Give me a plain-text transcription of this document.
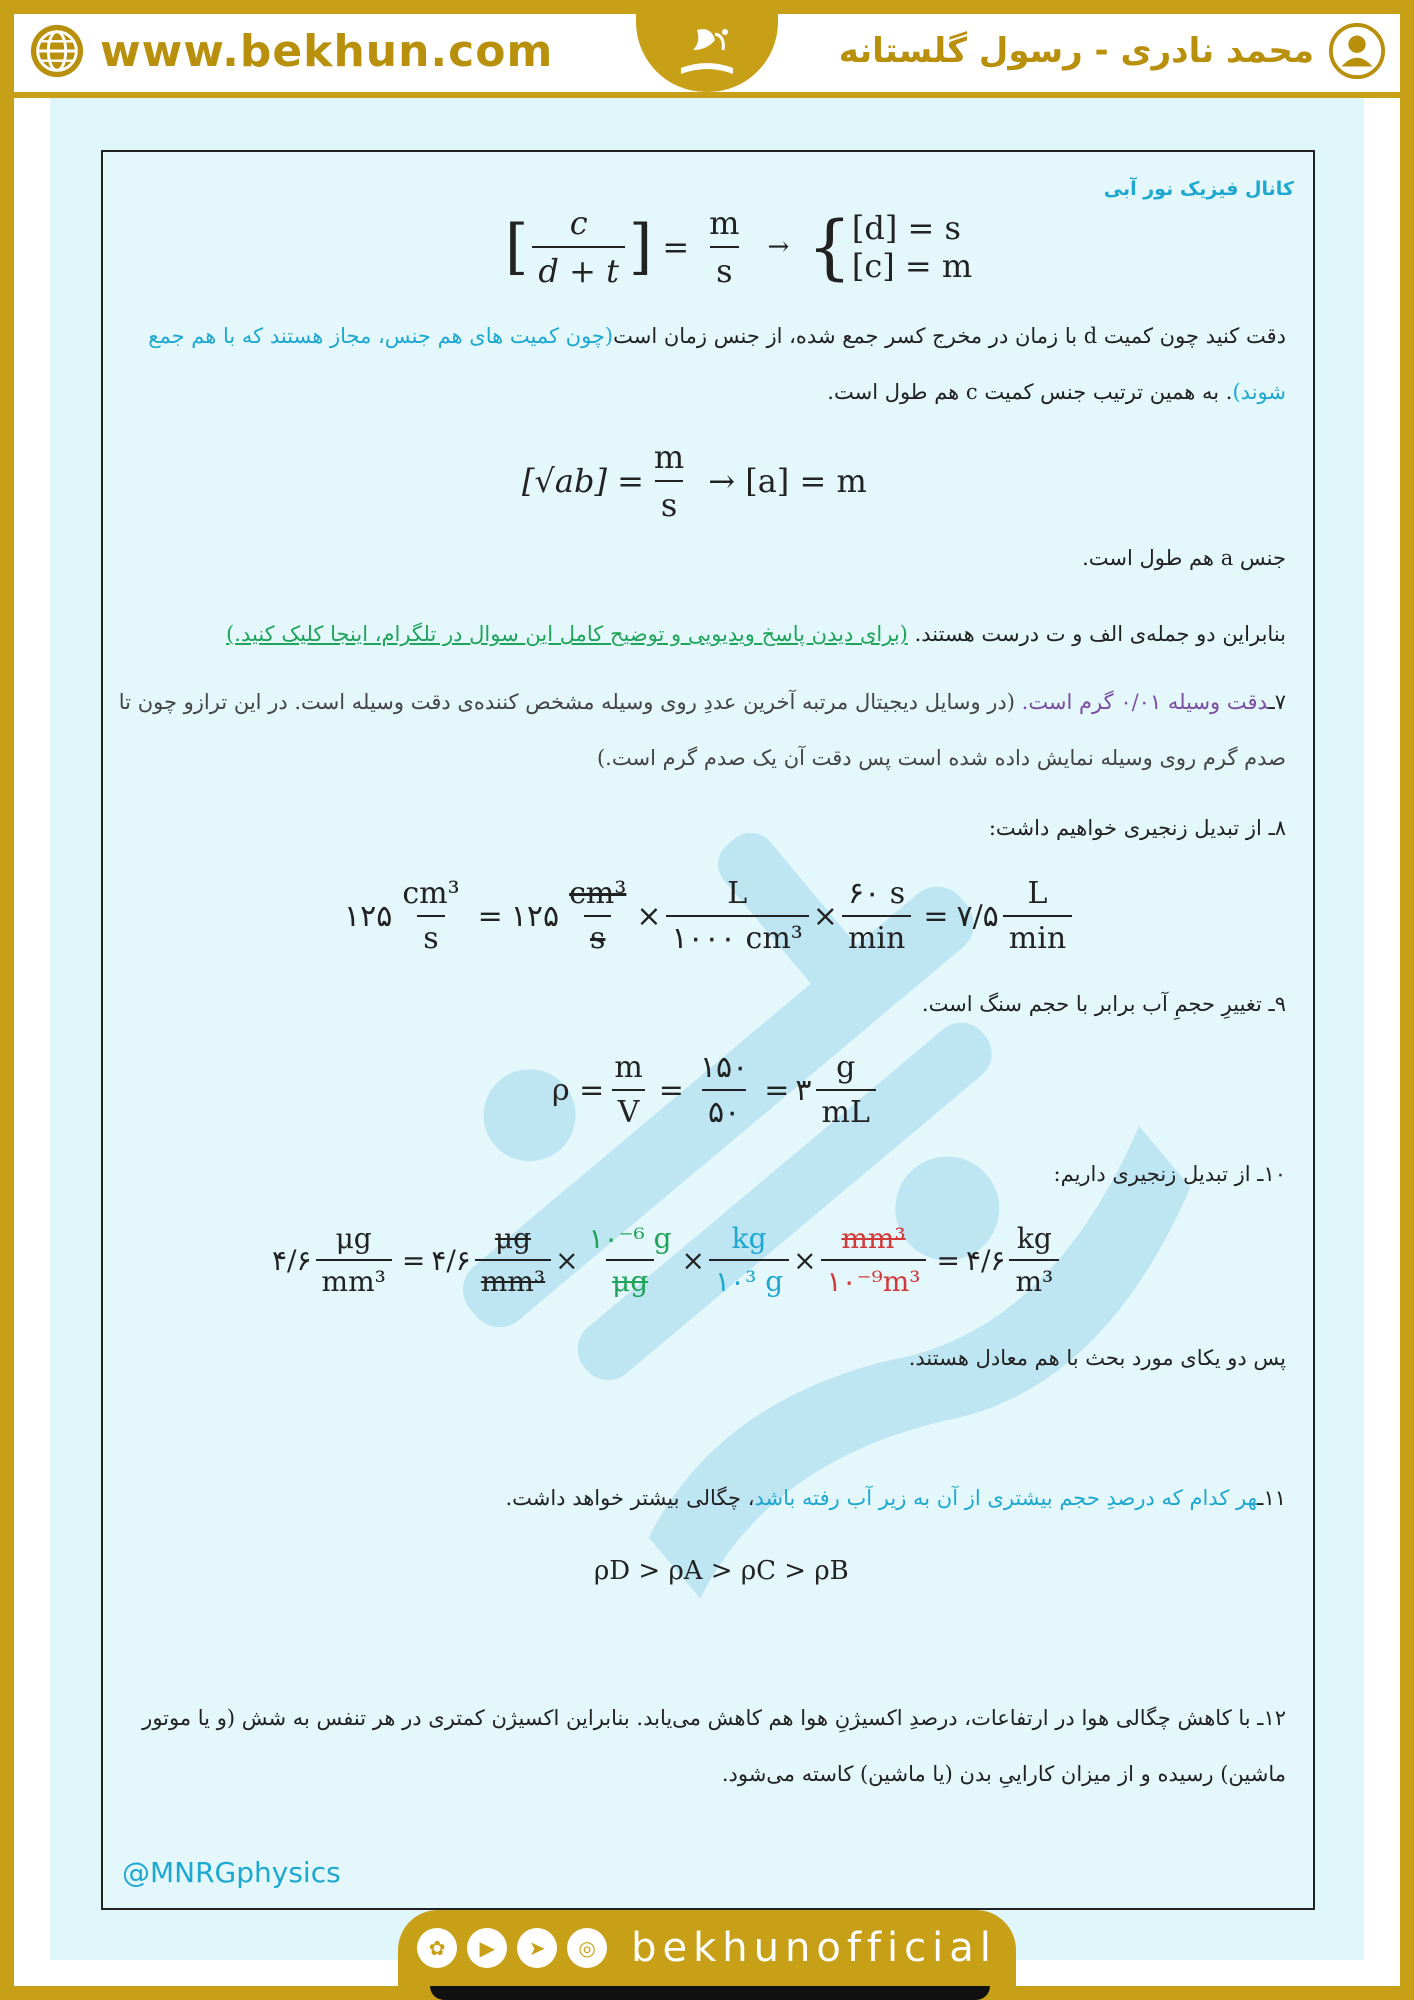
www.bekhun.com	محمد نادری - رسول گلستانه
کانال فیزیک نور آبی
[ $\frac{c}{d + t}$ ] = $\frac{m}{s}$ → { [d] = s
[c] = m
دقت کنید چون کمیت d با زمان در مخرج کسر جمع شده، از جنس زمان است(چون کمیت های هم جنس، مجاز هستند که با هم جمع شوند). به همین ترتیب جنس کمیت c هم طول است.
$[√ab] = \frac{m}{s} \to [a] = m$
جنس a هم طول است.
بنابراین دو جمله‌ی الف و ت درست هستند. (برای دیدن پاسخ ویدیویی و توضیح کامل این سوال در تلگرام، اینجا کلیک کنید.)
۷ـدقت وسیله ۰/۰۱ گرم است. (در وسایل دیجیتال مرتبه آخرین عددِ روی وسیله مشخص کننده‌ی دقت وسیله است. در این ترازو چون تا صدم گرم روی وسیله نمایش داده شده است پس دقت آن یک صدم گرم است.)
۸ـ از تبدیل زنجیری خواهیم داشت:
۱۲۵ $\frac{\text{cm³}}{s}$ = ۱۲۵ $\frac{\text{cm³}}{s} \times \frac{L}{\text{۱۰۰۰ cm³}} \times \frac{۶۰ s}{\min}$ = ۷/۵ $\frac{L}{\min}$
۹ـ تغییرِ حجمِ آب برابر با حجم سنگ است.
$\rho = \frac{m}{V} = \frac{۱۵۰}{۵۰}$ = ۳ $\frac{g}{mL}$
۱۰ـ از تبدیل زنجیری داریم:
۴/۶ $\frac{\mu g}{\text{mm³}}$ = ۴/۶ $\frac{\mu g}{\text{mm³}} \times \frac{\text{۱۰⁻⁶ g}}{\mu g} \times \frac{kg}{\text{۱۰³ g}} \times \frac{\text{mm³}}{\text{۱۰⁻⁹m³}}$ = ۴/۶ $\frac{kg}{\text{m³}}$
پس دو یکای مورد بحث با هم معادل هستند.
۱۱ـهر کدام که درصدِ حجم بیشتری از آن به زیر آب رفته باشد، چگالی بیشتر خواهد داشت.
ρD > ρA > ρC > ρB
۱۲ـ با کاهش چگالی هوا در ارتفاعات، درصدِ اکسیژنِ هوا هم کاهش می‌یابد. بنابراین اکسیژن کمتری در هر تنفس به شش (و یا موتور ماشین) رسیده و از میزان کاراییِ بدن (یا ماشین) کاسته می‌شود.
@MNRGphysics
✿	▶	➤	◎ bekhunofficial
